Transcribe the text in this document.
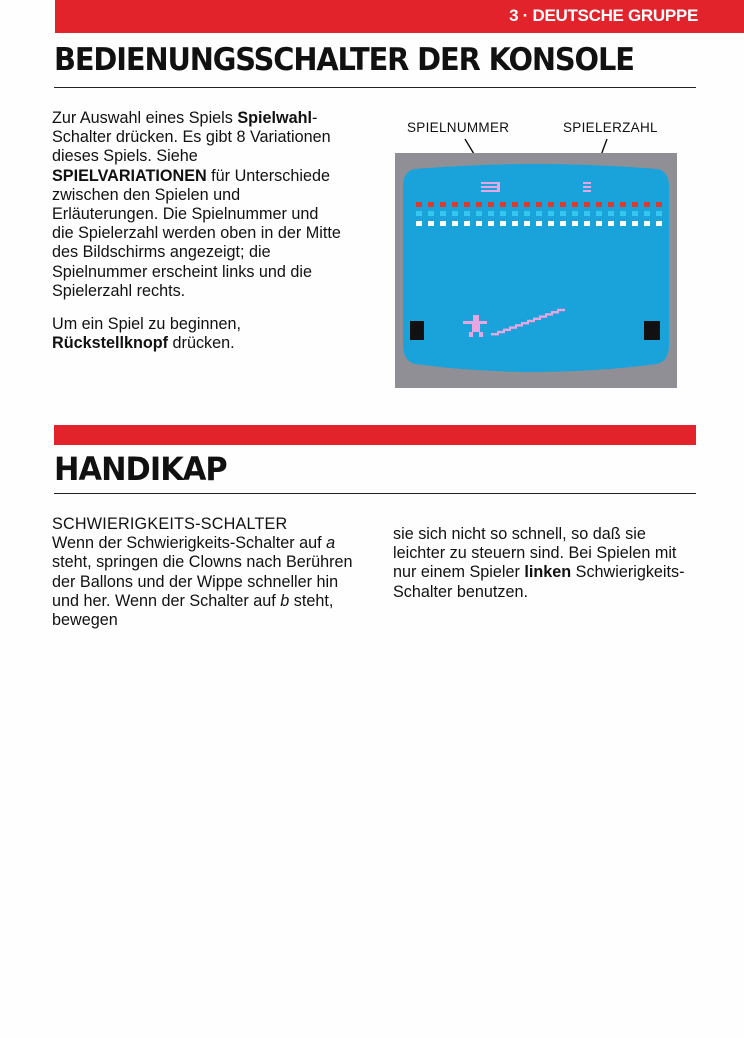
3 · DEUTSCHE GRUPPE
BEDIENUNGSSCHALTER DER KONSOLE

Zur Auswahl eines Spiels Spielwahl-Schalter drücken. Es gibt 8 Variationen dieses Spiels. Siehe SPIELVARIATIONEN für Unterschiede zwischen den Spielen und Erläuterungen. Die Spielnummer und die Spielerzahl werden oben in der Mitte des Bildschirms angezeigt; die Spielnummer erscheint links und die Spielerzahl rechts.

Um ein Spiel zu beginnen, Rückstellknopf drücken.

SPIELNUMMER	SPIELERZAHL
HANDIKAP
SCHWIERIGKEITS-SCHALTER
Wenn der Schwierigkeits-Schalter auf a steht, springen die Clowns nach Berühren der Ballons und der Wippe schneller hin und her. Wenn der Schalter auf b steht, bewegen
sie sich nicht so schnell, so daß sie leichter zu steuern sind. Bei Spielen mit nur einem Spieler linken Schwierigkeits-Schalter benutzen.
